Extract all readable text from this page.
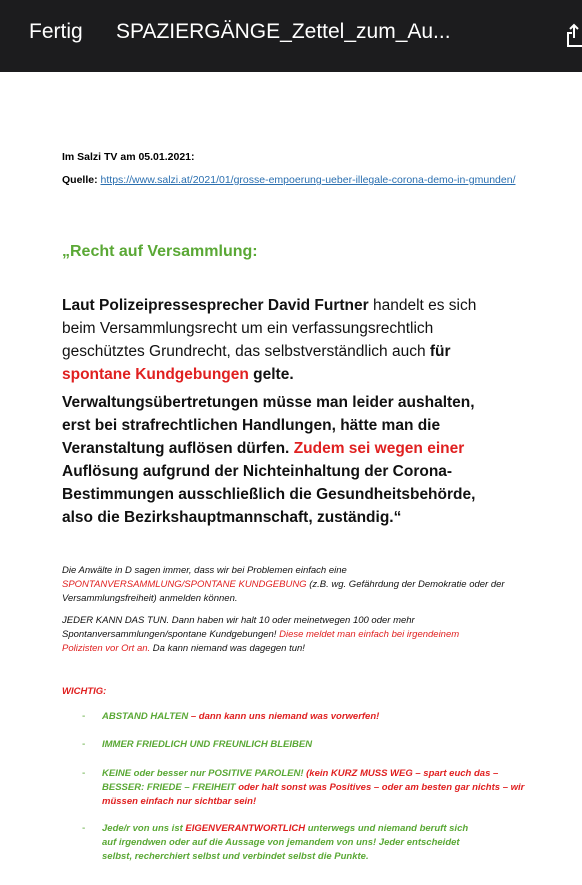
Fertig SPAZIERGÄNGE_Zettel_zum_Au...
Im Salzi TV am 05.01.2021:
Quelle: https://www.salzi.at/2021/01/grosse-empoerung-ueber-illegale-corona-demo-in-gmunden/
„Recht auf Versammlung:
Laut Polizeipressesprecher David Furtner handelt es sich
beim Versammlungsrecht um ein verfassungsrechtlich
geschütztes Grundrecht, das selbstverständlich auch für
spontane Kundgebungen gelte.
Verwaltungsübertretungen müsse man leider aushalten,
erst bei strafrechtlichen Handlungen, hätte man die
Veranstaltung auflösen dürfen. Zudem sei wegen einer
Auflösung aufgrund der Nichteinhaltung der Corona-
Bestimmungen ausschließlich die Gesundheitsbehörde,
also die Bezirkshauptmannschaft, zuständig.“
Die Anwälte in D sagen immer, dass wir bei Problemen einfach eine
SPONTANVERSAMMLUNG/SPONTANE KUNDGEBUNG (z.B. wg. Gefährdung der Demokratie oder der
Versammlungsfreiheit) anmelden können.
JEDER KANN DAS TUN. Dann haben wir halt 10 oder meinetwegen 100 oder mehr
Spontanversammlungen/spontane Kundgebungen! Diese meldet man einfach bei irgendeinem
Polizisten vor Ort an. Da kann niemand was dagegen tun!
WICHTIG:
- ABSTAND HALTEN – dann kann uns niemand was vorwerfen!
- IMMER FRIEDLICH UND FREUNLICH BLEIBEN
- KEINE oder besser nur POSITIVE PAROLEN! (kein KURZ MUSS WEG – spart euch das –
BESSER: FRIEDE – FREIHEIT oder halt sonst was Positives – oder am besten gar nichts – wir
müssen einfach nur sichtbar sein!
- Jede/r von uns ist EIGENVERANTWORTLICH unterwegs und niemand beruft sich
auf irgendwen oder auf die Aussage von jemandem von uns! Jeder entscheidet
selbst, recherchiert selbst und verbindet selbst die Punkte.
